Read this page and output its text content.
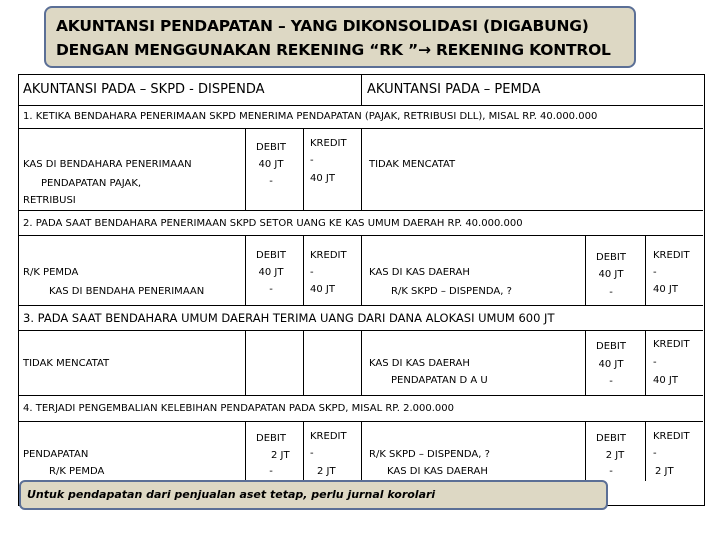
AKUNTANSI PENDAPATAN – YANG DIKONSOLIDASI (DIGABUNG)
DENGAN MENGGUNAKAN REKENING “RK ”→ REKENING KONTROL
AKUNTANSI PADA – SKPD - DISPENDA	AKUNTANSI PADA – PEMDA
1. KETIKA BENDAHARA PENERIMAAN SKPD MENERIMA PENDAPATAN (PAJAK, RETRIBUSI DLL), MISAL RP. 40.000.000
KAS DI BENDAHARA PENERIMAAN
PENDAPATAN PAJAK,
RETRIBUSI
DEBIT
40 JT
-
KREDIT
-
40 JT
TIDAK MENCATAT
2. PADA SAAT BENDAHARA PENERIMAAN SKPD SETOR UANG KE KAS UMUM DAERAH RP. 40.000.000
R/K PEMDA
KAS DI BENDAHA PENERIMAAN
DEBIT
40 JT
-
KREDIT
-
40 JT
KAS DI KAS DAERAH
R/K SKPD – DISPENDA, ?
DEBIT
40 JT
-
KREDIT
-
40 JT
3. PADA SAAT BENDAHARA UMUM DAERAH TERIMA UANG DARI DANA ALOKASI UMUM 600 JT
TIDAK MENCATAT	KAS DI KAS DAERAH
PENDAPATAN D A U
DEBIT
40 JT
-
KREDIT
-
40 JT
4. TERJADI PENGEMBALIAN KELEBIHAN PENDAPATAN PADA SKPD, MISAL RP. 2.000.000
PENDAPATAN
R/K PEMDA
DEBIT
2 JT
-
KREDIT
-
2 JT
R/K SKPD – DISPENDA, ?
KAS DI KAS DAERAH
DEBIT
2 JT
-
KREDIT
-
2 JT
Untuk pendapatan dari penjualan aset tetap, perlu jurnal korolari
